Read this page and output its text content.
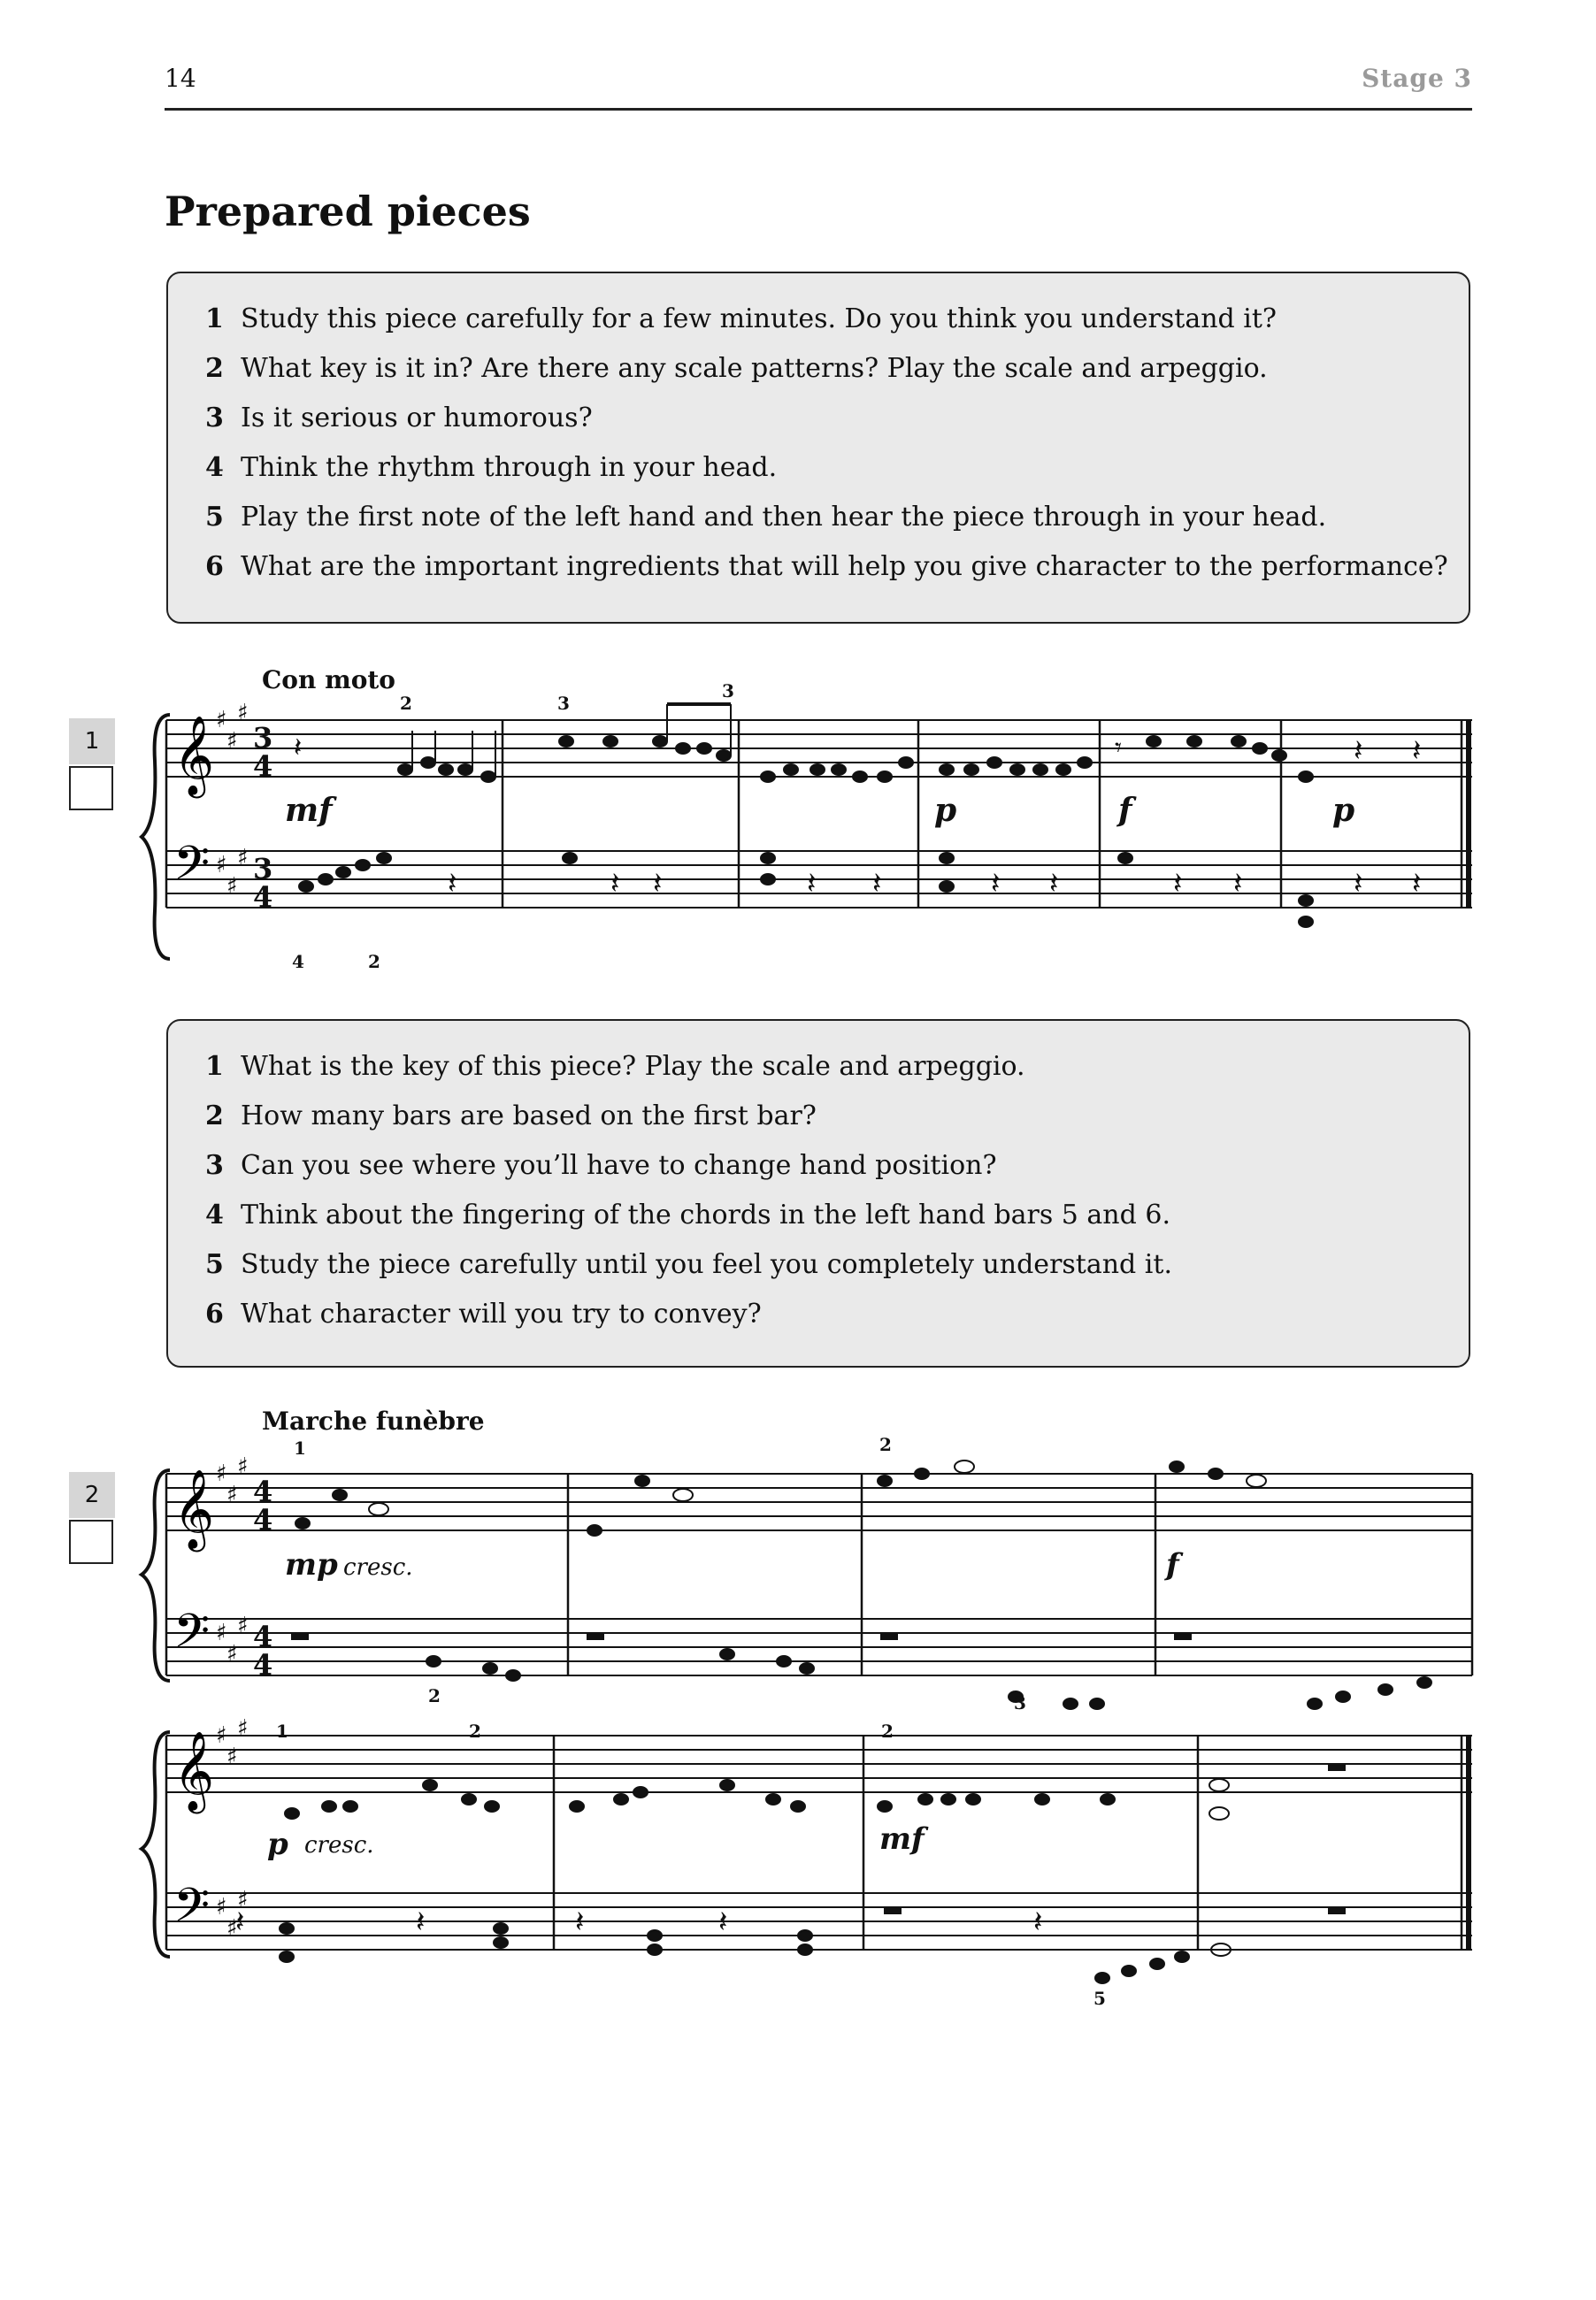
14	Stage 3
Prepared pieces
1 Study this piece carefully for a few minutes. Do you think you understand it?
2 What key is it in? Are there any scale patterns? Play the scale and arpeggio.
3 Is it serious or humorous?
4 Think the rhythm through in your head.
5 Play the first note of the left hand and then hear the piece through in your head.
6 What are the important ingredients that will help you give character to the performance?
Con moto
1 𝄞
𝄢
♯
♯
♯
♯
♯
♯
3
4
3
4
𝄽	𝄾	𝄽 𝄽
𝄽	𝄽 𝄽	𝄽 𝄽	𝄽 𝄽	𝄽 𝄽	𝄽 𝄽
mf	p	f	p
2	3
3
4	2
1 What is the key of this piece? Play the scale and arpeggio.
2 How many bars are based on the first bar?
3 Can you see where you’ll have to change hand position?
4 Think about the fingering of the chords in the left hand bars 5 and 6.
5 Study the piece carefully until you feel you completely understand it.
6 What character will you try to convey?
Marche funèbre
2 𝄞
𝄢
𝄞
𝄢
♯
♯
♯
♯
♯
♯
♯
♯
♯
♯
♯
♯
4
4
4
4
𝄽	𝄽	𝄽	𝄽	𝄽
mp	f
p	mf
cresc.
cresc.
1
2
2
3
1	2	2
5
